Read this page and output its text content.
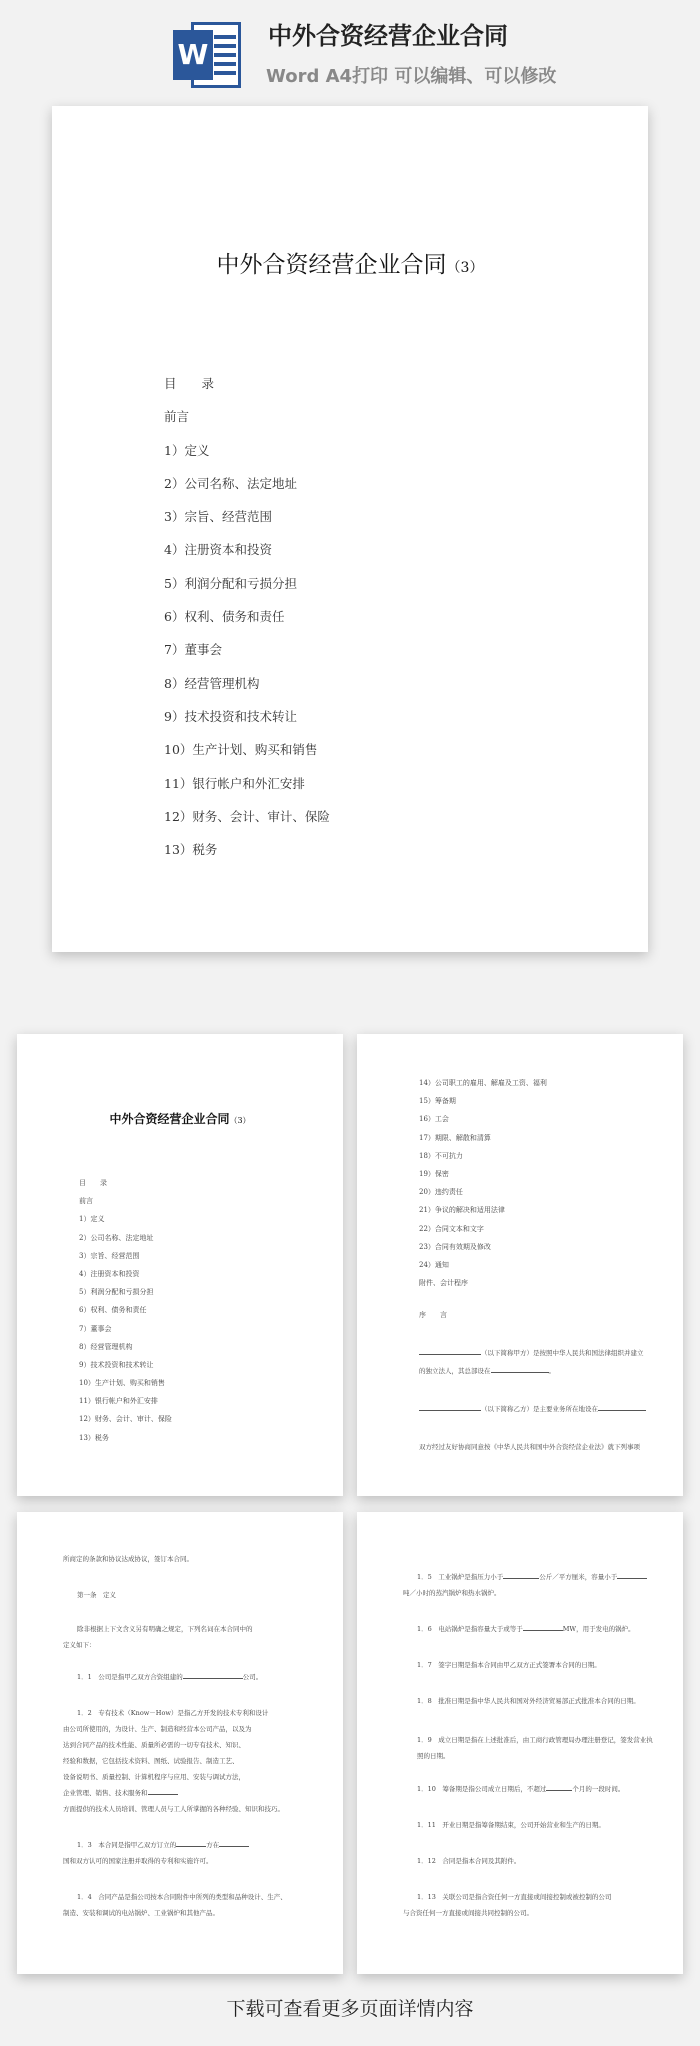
W
中外合资经营企业合同
Word A4打印 可以编辑、可以修改
中外合资经营企业合同（3）
目　　录
前言
1）定义
2）公司名称、法定地址
3）宗旨、经营范围
4）注册资本和投资
5）利润分配和亏损分担
6）权利、债务和责任
7）董事会
8）经营管理机构
9）技术投资和技术转让
10）生产计划、购买和销售
11）银行帐户和外汇安排
12）财务、会计、审计、保险
13）税务
中外合资经营企业合同（3）
目　　录
前言
1）定义
2）公司名称、法定地址
3）宗旨、经营范围
4）注册资本和投资
5）利润分配和亏损分担
6）权利、债务和责任
7）董事会
8）经营管理机构
9）技术投资和技术转让
10）生产计划、购买和销售
11）银行帐户和外汇安排
12）财务、会计、审计、保险
13）税务
14）公司职工的雇用、解雇及工资、福利
15）筹备期
16）工会
17）期限、解散和清算
18）不可抗力
19）保密
20）违约责任
21）争议的解决和适用法律
22）合同文本和文字
23）合同有效期及修改
24）通知
附件、会计程序
序　　言
（以下简称甲方）是按照中华人民共和国法律组织并建立
的独立法人，其总部设在	。
（以下简称乙方）是主要业务所在地设在
双方经过友好协商同意按《中华人民共和国中外合资经营企业法》就下列事项
所商定的条款和协议达成协议，签订本合同。
第一条　定义
除非根据上下文含义另有明确之规定，下列名词在本合同中的
定义如下：
1．1　公司是指甲乙双方合资组建的	公司。
1．2　专有技术（Know－How）是指乙方开发的技术专利和设计
由公司所使用的，为设计、生产、制造和经营本公司产品，以及为
达到合同产品的技术性能、质量所必需的一切专有技术、知识、
经验和数据，它包括技术资料、图纸、试验报告、制造工艺、
设备说明书、质量控制、计算机程序与应用、安装与调试方法，
企业管理、销售、技术服务和
方面提供的技术人员培训、管理人员与工人所掌握的各种经验、知识和技巧。
1．3　本合同是指甲乙双方订立的	方在
国和双方认可的国家注册并取得的专利和实施许可。
1．4　合同产品是指公司按本合同附件中所列的类型和品种设计、生产、
制造、安装和调试的电站锅炉、工业锅炉和其他产品。
1．5　工业锅炉是指压力小于	公斤／平方厘米，容量小于
吨／小时的蒸汽锅炉和热水锅炉。
1．6　电站锅炉是指容量大于或等于	MW，用于发电的锅炉。
1．7　签字日期是指本合同由甲乙双方正式签署本合同的日期。
1．8　批准日期是指中华人民共和国对外经济贸易部正式批准本合同的日期。
1．9　成立日期是指在上述批准后，由工商行政管理局办理注册登记，签发营业执照的日期。
1．10　筹备期是指公司成立日期后，不超过	个月的一段时间。
1．11　开业日期是指筹备期结束，公司开始营业和生产的日期。
1．12　合同是指本合同及其附件。
1．13　关联公司是指合资任何一方直接或间接控制或被控制的公司
与合资任何一方直接或间接共同控制的公司。
下载可查看更多页面详情内容
